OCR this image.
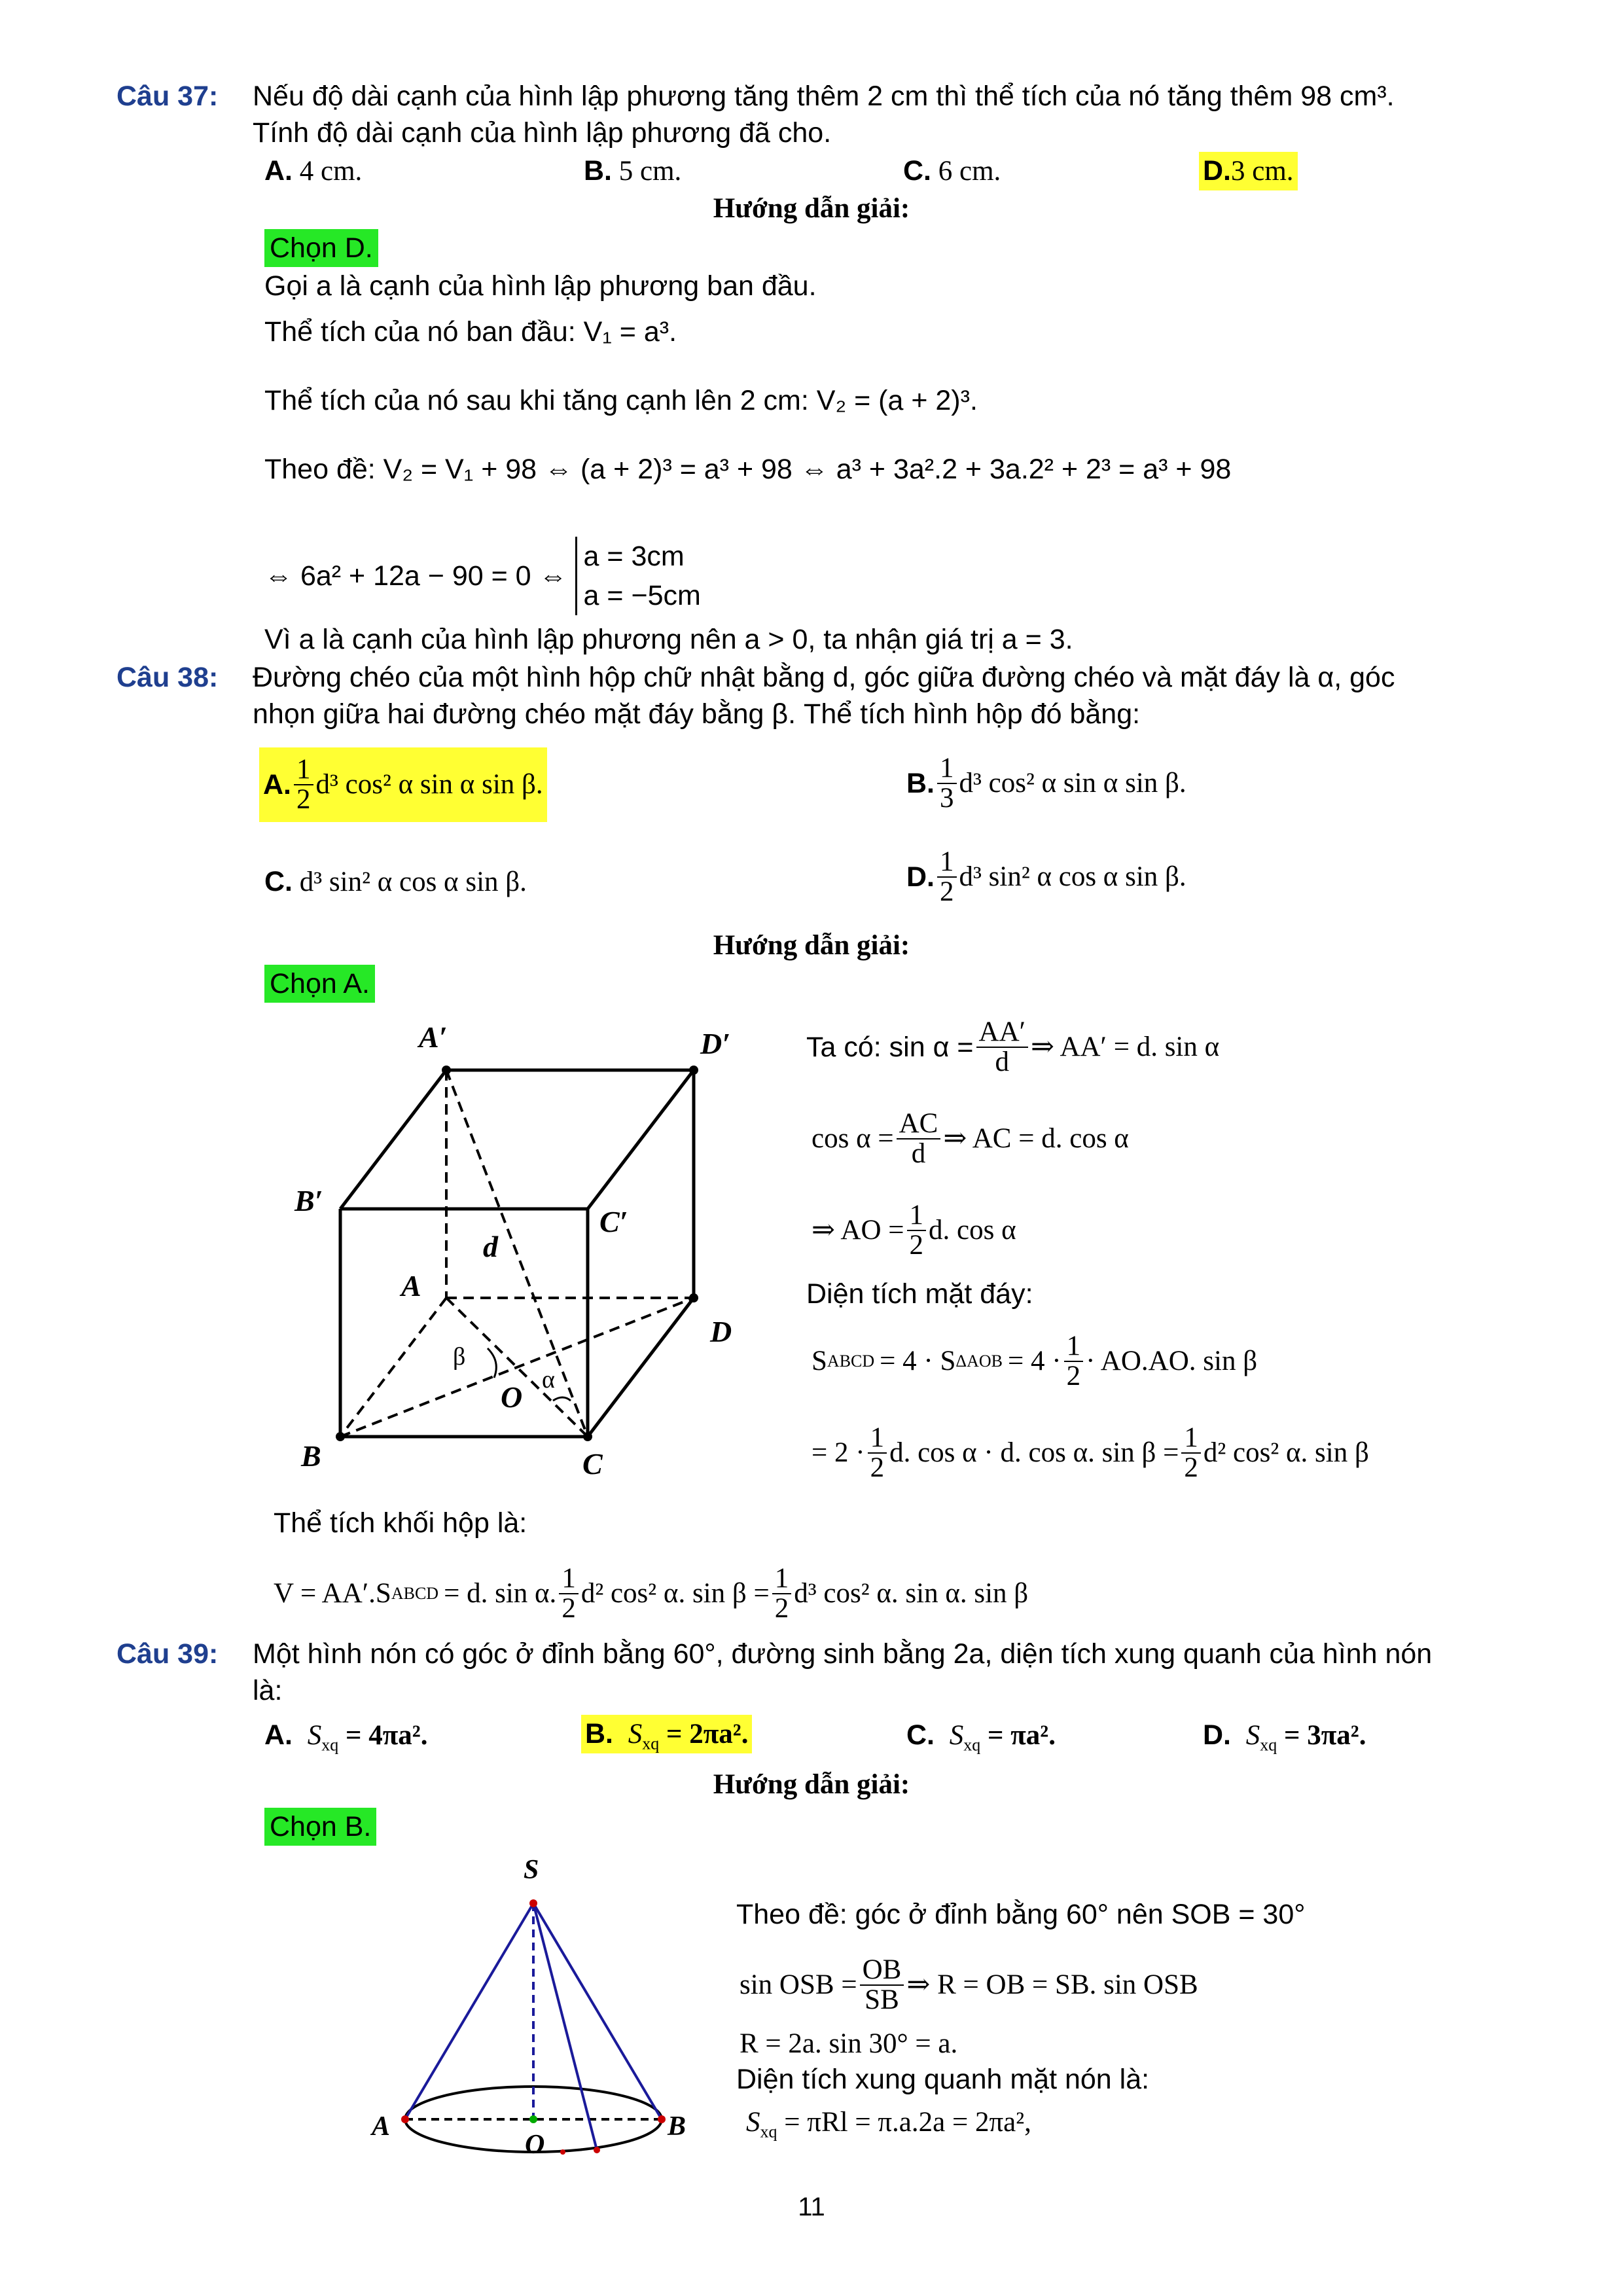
Câu 37: Nếu độ dài cạnh của hình lập phương tăng thêm 2 cm thì thể tích của nó tăng thêm 98 cm³.
Tính độ dài cạnh của hình lập phương đã cho.
A. 4 cm.	B. 5 cm.	C. 6 cm.	D.3 cm.
Hướng dẫn giải:
Chọn D.
Gọi a là cạnh của hình lập phương ban đầu.
Thể tích của nó ban đầu: V₁ = a³.
Thể tích của nó sau khi tăng cạnh lên 2 cm: V₂ = (a + 2)³.
Theo đề: V₂ = V₁ + 98 ⇔ (a + 2)³ = a³ + 98 ⇔ a³ + 3a².2 + 3a.2² + 2³ = a³ + 98
⇔ 6a² + 12a − 90 = 0 ⇔
a = 3cm
a = −5cm
Vì a là cạnh của hình lập phương nên a > 0, ta nhận giá trị a = 3.
Câu 38: Đường chéo của một hình hộp chữ nhật bằng d, góc giữa đường chéo và mặt đáy là α, góc
nhọn giữa hai đường chéo mặt đáy bằng β. Thể tích hình hộp đó bằng:
A. $\frac{1}{2} d^3$ cos² α sin α sin β.	B. $\frac{1}{3} d^3$ cos² α sin α sin β.
C. d³ sin² α cos α sin β.	D. $\frac{1}{2} d^3$ sin² α cos α sin β.
Hướng dẫn giải:
Chọn A.
A′	D′
B′
C′
A
D
B	C
O
d
β
α
Ta có: $\sin \alpha = \frac{AA'}{d}$ ⇒ AA′ = d. sin α
$\cos \alpha = \frac{AC}{d}$ ⇒ AC = d. cos α
⇒ AO = $\frac{1}{2} d$. cos α
Diện tích mặt đáy:
S ABCD = 4 · S $\Delta AOB = 4 \cdot \frac{1}{2} \cdot AO.AO$. sin β
= $2 \cdot \frac{1}{2} d$. cos α · d. cos α. $\sin \beta = \frac{1}{2} d^2$ cos² α. sin β
Thể tích khối hộp là:
V = AA′.S ABCD = d. sin α. $\frac{1}{2} d^2$ cos² α. $\sin \beta = \frac{1}{2} d^3$ cos² α. sin α. sin β
Câu 39: Một hình nón có góc ở đỉnh bằng 60°, đường sinh bằng 2a, diện tích xung quanh của hình nón
là:
A. $S_{xq} = 4\pi a^2$.	B. $S_{xq} = 2\pi a^2$.	C. $S_{xq} = \pi a^2$.	D. $S_{xq} = 3\pi a^2$.
Hướng dẫn giải:
Chọn B.
S
A	B
O
Theo đề: góc ở đỉnh bằng 60° nên SOB = 30°
sin OSB = $\frac{OB}{SB}$ ⇒ R = OB = SB. sin OSB
R = 2a. sin 30° = a.
Diện tích xung quanh mặt nón là:
$S_{xq} = \pi Rl = \pi.a.2a = 2\pi a^2$,
11
